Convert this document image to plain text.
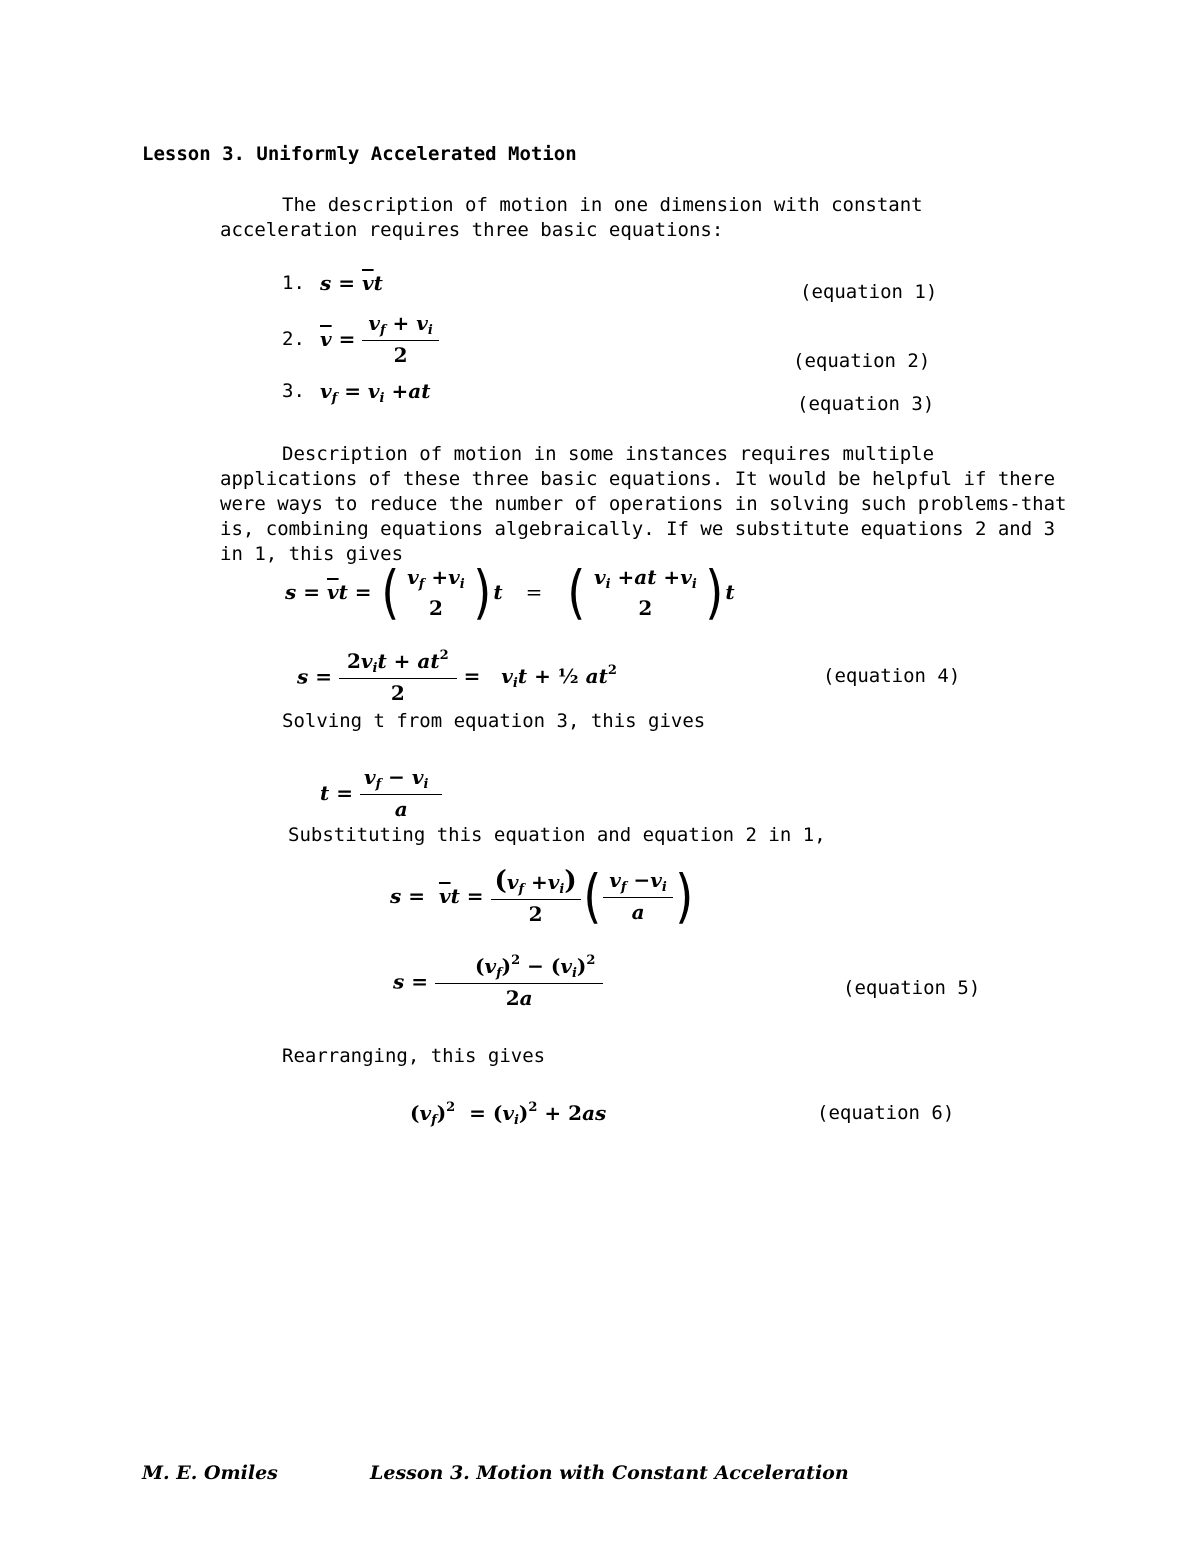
Lesson 3. Uniformly Accelerated Motion
The description of motion in one dimension with constant acceleration requires three basic equations:
1. $s = \overline{v}t$	(equation 1)
2. $\overline{v} = \frac{v_f + v_i}{2}$	(equation 2)
3. $v_f = v_i +at$
(equation 3)
Description of motion in some instances requires multiple applications of these three basic equations. It would be helpful if there were ways to reduce the number of operations in solving such problems-that is, combining equations algebraically. If we substitute equations 2 and 3 in 1, this gives
$s = \overline{v}t$ = ( $v_f +v_i$
2 ) t = ( $v_i +at +v_i$
2 ) t
$s = \frac{2v_it + at^2}{2} = v_it$ + ½ $at^2$	(equation 4)
Solving t from equation 3, this gives
$t = \frac{v_f - v_i}{a}$
Substituting this equation and equation 2 in 1,
$s = \overline{v}t = \frac{(v_f +v_i)}{2}$ ( $\frac{v_f -v_i}{a}$ )
$s = \frac{(v_f)^2 - (v_i)^2}{2a}$	(equation 5)
Rearranging, this gives
$(v_f)^2 = (v_i)^2 + 2as$	(equation 6)
M. E. Omiles	Lesson 3. Motion with Constant Acceleration
